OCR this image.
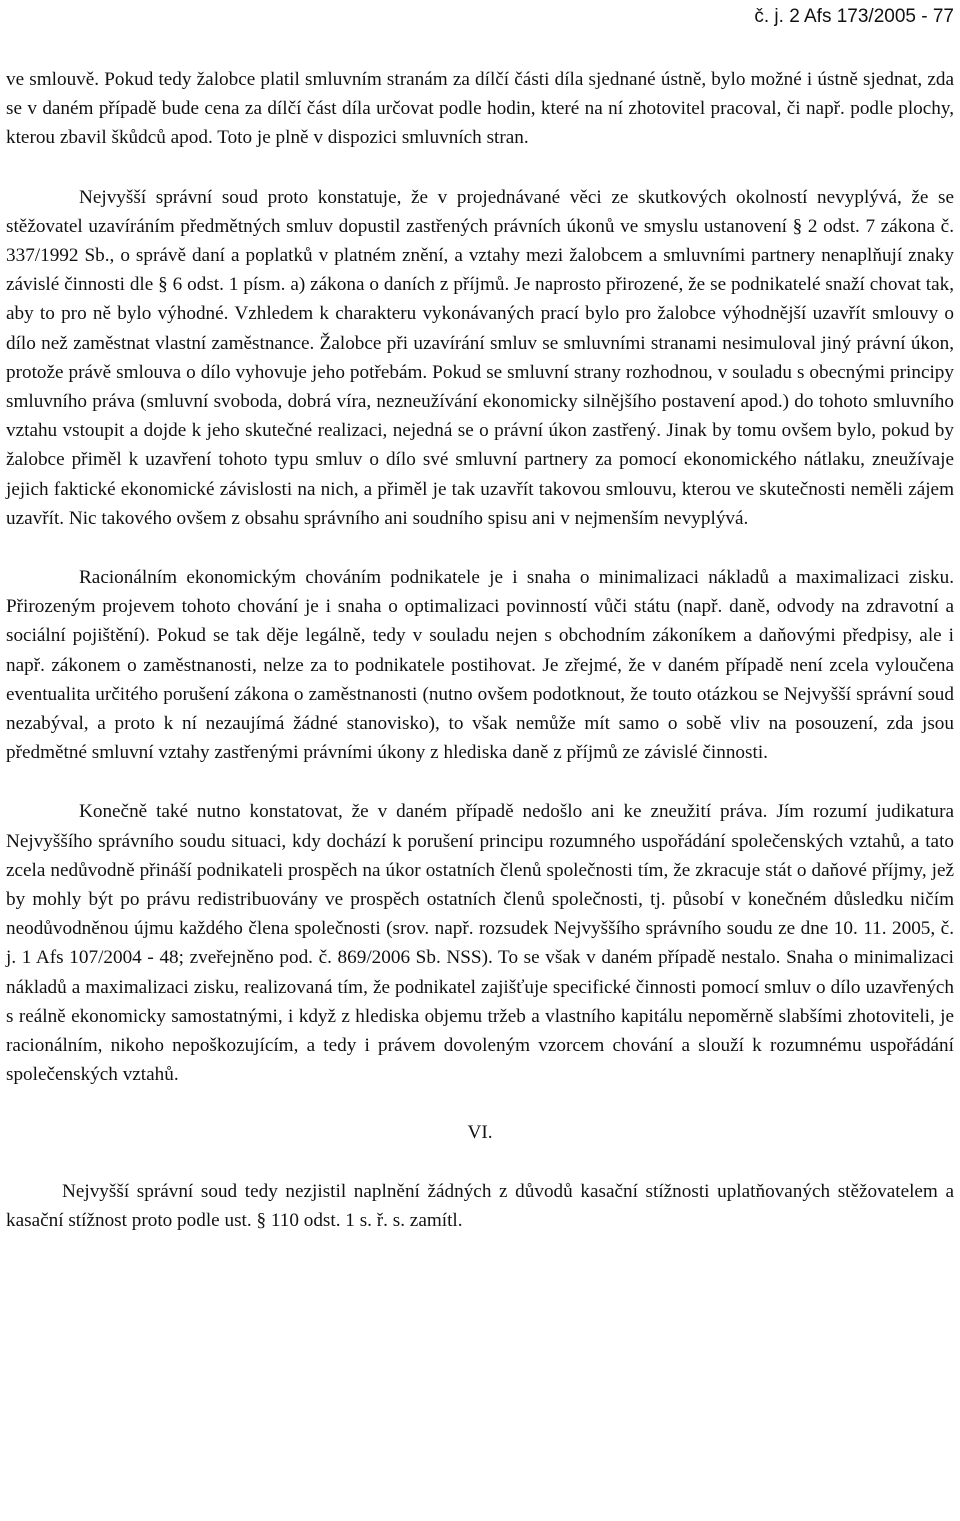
č. j. 2 Afs 173/2005 - 77

ve smlouvě. Pokud tedy žalobce platil smluvním stranám za dílčí části díla sjednané ústně, bylo možné i ústně sjednat, zda se v daném případě bude cena za dílčí část díla určovat podle hodin, které na ní zhotovitel pracoval, či např. podle plochy, kterou zbavil škůdců apod. Toto je plně v dispozici smluvních stran.

Nejvyšší správní soud proto konstatuje, že v projednávané věci ze skutkových okolností nevyplývá, že se stěžovatel uzavíráním předmětných smluv dopustil zastřených právních úkonů ve smyslu ustanovení § 2 odst. 7 zákona č. 337/1992 Sb., o správě daní a poplatků v platném znění, a vztahy mezi žalobcem a smluvními partnery nenaplňují znaky závislé činnosti dle § 6 odst. 1 písm. a) zákona o daních z příjmů. Je naprosto přirozené, že se podnikatelé snaží chovat tak, aby to pro ně bylo výhodné. Vzhledem k charakteru vykonávaných prací bylo pro žalobce výhodnější uzavřít smlouvy o dílo než zaměstnat vlastní zaměstnance. Žalobce při uzavírání smluv se smluvními stranami nesimuloval jiný právní úkon, protože právě smlouva o dílo vyhovuje jeho potřebám. Pokud se smluvní strany rozhodnou, v souladu s obecnými principy smluvního práva (smluvní svoboda, dobrá víra, nezneužívání ekonomicky silnějšího postavení apod.) do tohoto smluvního vztahu vstoupit a dojde k jeho skutečné realizaci, nejedná se o právní úkon zastřený. Jinak by tomu ovšem bylo, pokud by žalobce přiměl k uzavření tohoto typu smluv o dílo své smluvní partnery za pomocí ekonomického nátlaku, zneužívaje jejich faktické ekonomické závislosti na nich, a přiměl je tak uzavřít takovou smlouvu, kterou ve skutečnosti neměli zájem uzavřít. Nic takového ovšem z obsahu správního ani soudního spisu ani v nejmenším nevyplývá.

Racionálním ekonomickým chováním podnikatele je i snaha o minimalizaci nákladů a maximalizaci zisku. Přirozeným projevem tohoto chování je i snaha o optimalizaci povinností vůči státu (např. daně, odvody na zdravotní a sociální pojištění). Pokud se tak děje legálně, tedy v souladu nejen s obchodním zákoníkem a daňovými předpisy, ale i např. zákonem o zaměstnanosti, nelze za to podnikatele postihovat. Je zřejmé, že v daném případě není zcela vyloučena eventualita určitého porušení zákona o zaměstnanosti (nutno ovšem podotknout, že touto otázkou se Nejvyšší správní soud nezabýval, a proto k ní nezaujímá žádné stanovisko), to však nemůže mít samo o sobě vliv na posouzení, zda jsou předmětné smluvní vztahy zastřenými právními úkony z hlediska daně z příjmů ze závislé činnosti.

Konečně také nutno konstatovat, že v daném případě nedošlo ani ke zneužití práva. Jím rozumí judikatura Nejvyššího správního soudu situaci, kdy dochází k porušení principu rozumného uspořádání společenských vztahů, a tato zcela nedůvodně přináší podnikateli prospěch na úkor ostatních členů společnosti tím, že zkracuje stát o daňové příjmy, jež by mohly být po právu redistribuovány ve prospěch ostatních členů společnosti, tj. působí v konečném důsledku ničím neodůvodněnou újmu každého člena společnosti (srov. např. rozsudek Nejvyššího správního soudu ze dne 10. 11. 2005, č. j. 1 Afs 107/2004 - 48; zveřejněno pod. č. 869/2006 Sb. NSS). To se však v daném případě nestalo. Snaha o minimalizaci nákladů a maximalizaci zisku, realizovaná tím, že podnikatel zajišťuje specifické činnosti pomocí smluv o dílo uzavřených s reálně ekonomicky samostatnými, i když z hlediska objemu tržeb a vlastního kapitálu nepoměrně slabšími zhotoviteli, je racionálním, nikoho nepoškozujícím, a tedy i právem dovoleným vzorcem chování a slouží k rozumnému uspořádání společenských vztahů.

VI.

Nejvyšší správní soud tedy nezjistil naplnění žádných z důvodů kasační stížnosti uplatňovaných stěžovatelem a kasační stížnost proto podle ust. § 110 odst. 1 s. ř. s. zamítl.
